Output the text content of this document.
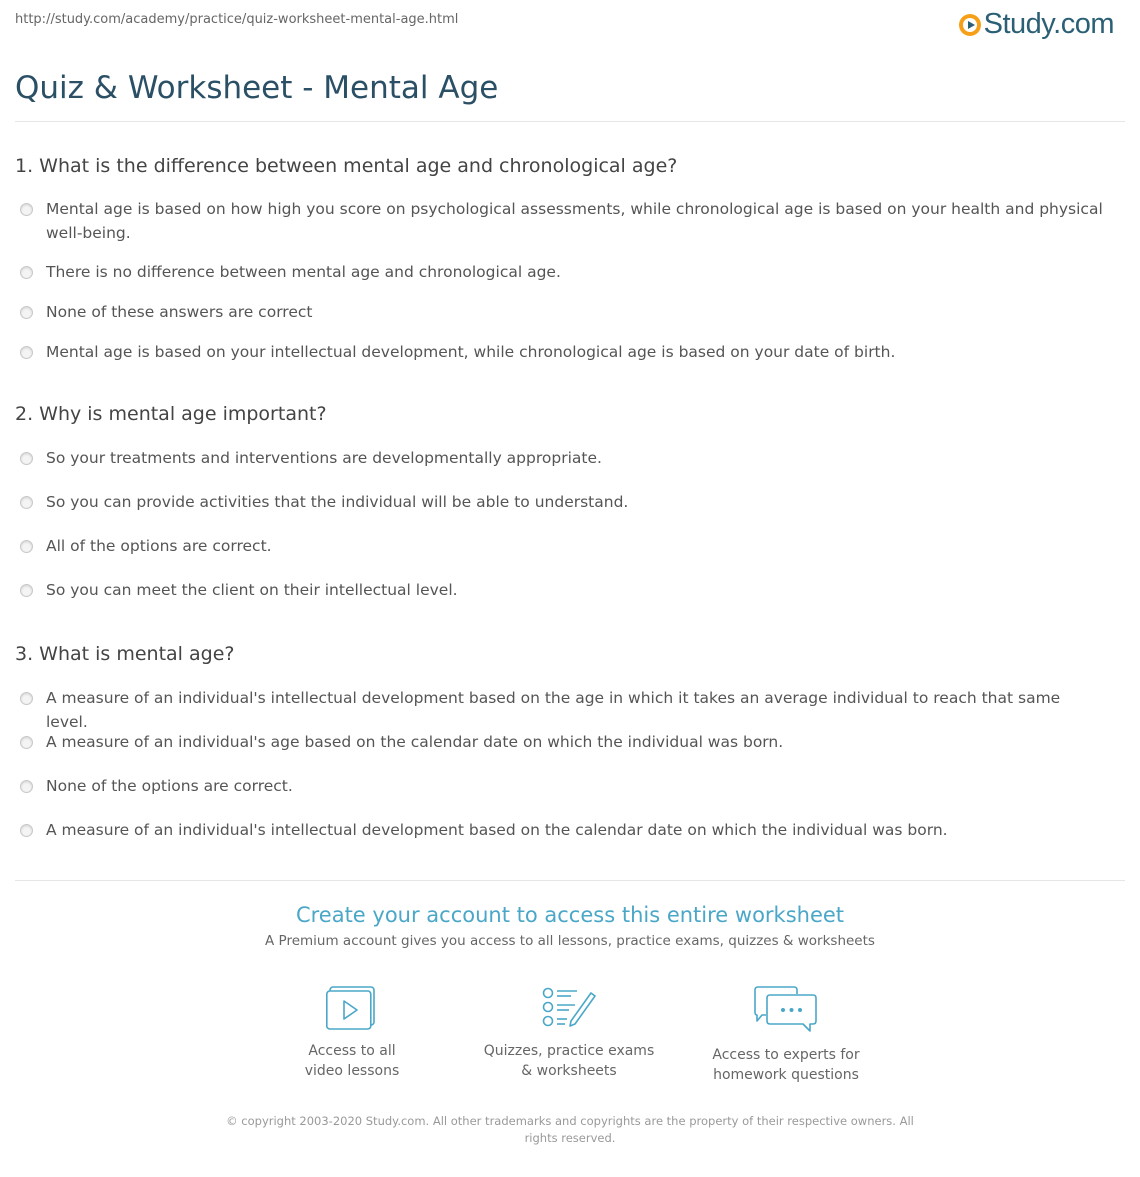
http://study.com/academy/practice/quiz-worksheet-mental-age.html	Study.com
Quiz & Worksheet - Mental Age
1. What is the difference between mental age and chronological age?
Mental age is based on how high you score on psychological assessments, while chronological age is based on your health and physical well-being.
There is no difference between mental age and chronological age.
None of these answers are correct
Mental age is based on your intellectual development, while chronological age is based on your date of birth.
2. Why is mental age important?
So your treatments and interventions are developmentally appropriate.
So you can provide activities that the individual will be able to understand.
All of the options are correct.
So you can meet the client on their intellectual level.
3. What is mental age?
A measure of an individual's intellectual development based on the age in which it takes an average individual to reach that same level.
A measure of an individual's age based on the calendar date on which the individual was born.
None of the options are correct.
A measure of an individual's intellectual development based on the calendar date on which the individual was born.
Create your account to access this entire worksheet
A Premium account gives you access to all lessons, practice exams, quizzes & worksheets
Access to all
video lessons
Quizzes, practice exams
& worksheets
Access to experts for
homework questions
© copyright 2003-2020 Study.com. All other trademarks and copyrights are the property of their respective owners. All rights reserved.
